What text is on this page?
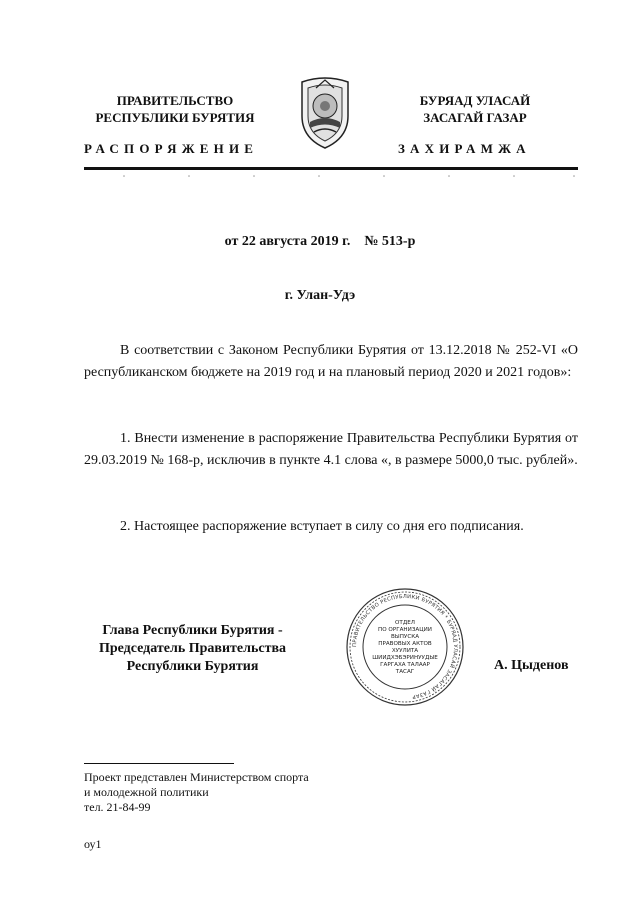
ПРАВИТЕЛЬСТВО
РЕСПУБЛИКИ БУРЯТИЯ
БУРЯАД УЛАСАЙ
ЗАСАГАЙ ГАЗАР
РАСПОРЯЖЕНИЕ	ЗАХИРАМЖА
от 22 августа 2019 г.    № 513-р
г. Улан-Удэ
В соответствии с Законом Республики Бурятия от 13.12.2018 № 252-VI «О республиканском бюджете на 2019 год и на плановый период 2020 и 2021 годов»:
1. Внести изменение в распоряжение Правительства Республики Бурятия от 29.03.2019 № 168-р, исключив в пункте 4.1 слова «, в размере 5000,0 тыс. рублей».
2. Настоящее распоряжение вступает в силу со дня его подписания.
Глава Республики Бурятия -
Председатель Правительства
Республики Бурятия
ПРАВИТЕЛЬСТВО РЕСПУБЛИКИ БУРЯТИЯ * БУРЯАД УЛАСАЙ ЗАСАГАЙ ГАЗАР
ОТДЕЛ
ПО ОРГАНИЗАЦИИ
ВЫПУСКА
ПРАВОВЫХ АКТОВ
ХУУЛИТА
ШИИДХЭБЭРИНУУДЫЕ
ГАРГАХА ТАЛААР
ТАСАГ	А. Цыденов
Проект представлен Министерством спорта
и молодежной политики
тел. 21-84-99
оу1
